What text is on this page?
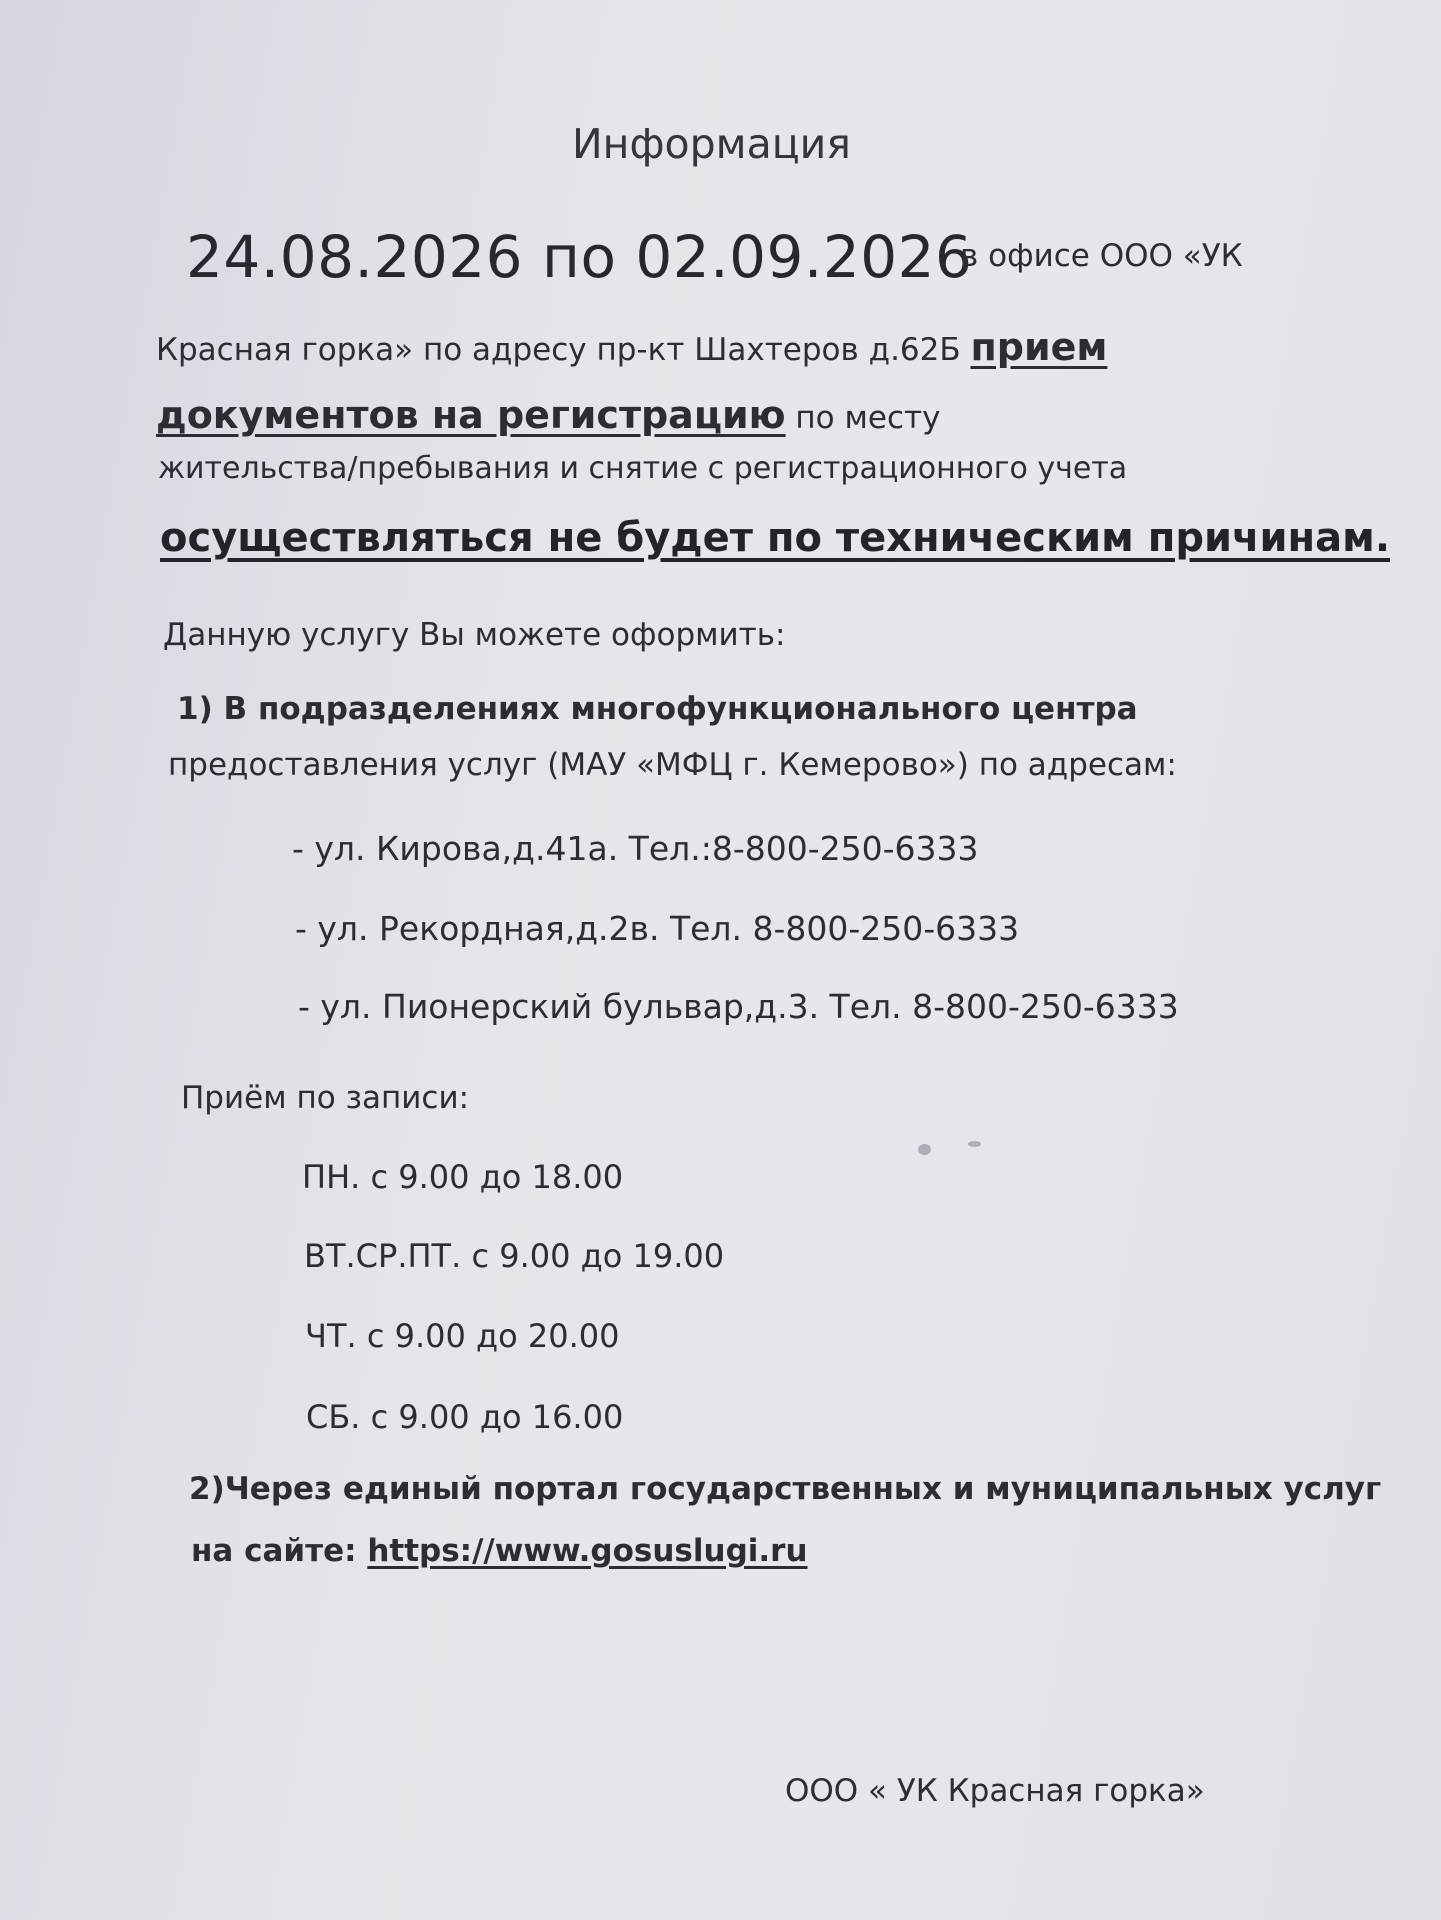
Информация
24.08.2026 по 02.09.2026
в офисе ООО «УК
Красная горка» по адресу пр-кт Шахтеров д.62Б прием
документов на регистрацию по месту
жительства/пребывания и снятие с регистрационного учета
осуществляться не будет по техническим причинам.
Данную услугу Вы можете оформить:
1) В подразделениях многофункционального центра
предоставления услуг (МАУ «МФЦ г. Кемерово») по адресам:
- ул. Кирова,д.41а. Тел.:8-800-250-6333
- ул. Рекордная,д.2в. Тел. 8-800-250-6333
- ул. Пионерский бульвар,д.3. Тел. 8-800-250-6333
Приём по записи:
ПН. с 9.00 до 18.00
ВТ.СР.ПТ. с 9.00 до 19.00
ЧТ. с 9.00 до 20.00
СБ. с 9.00 до 16.00
2)Через единый портал государственных и муниципальных услуг
на сайте: https://www.gosuslugi.ru
ООО « УК Красная горка»
